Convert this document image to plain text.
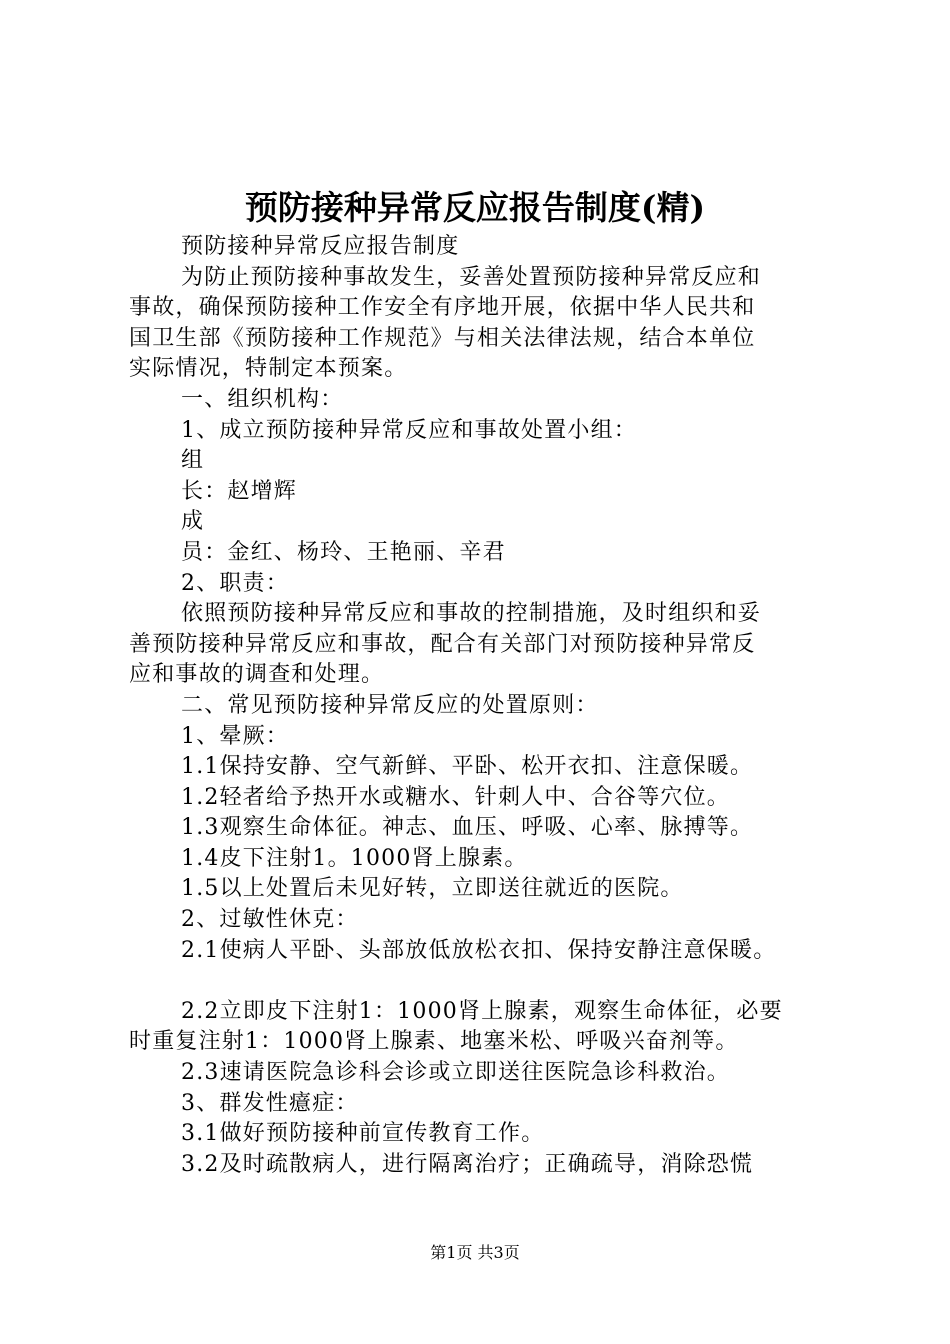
预防接种异常反应报告制度(精)

预防接种异常反应报告制度

为防止预防接种事故发生，妥善处置预防接种异常反应和

事故，确保预防接种工作安全有序地开展，依据中华人民共和

国卫生部《预防接种工作规范》与相关法律法规，结合本单位

实际情况，特制定本预案。

一、组织机构：

1、成立预防接种异常反应和事故处置小组：

组

长：赵增辉

成

员：金红、杨玲、王艳丽、辛君

2、职责：

依照预防接种异常反应和事故的控制措施，及时组织和妥

善预防接种异常反应和事故，配合有关部门对预防接种异常反

应和事故的调查和处理。

二、常见预防接种异常反应的处置原则：

1、晕厥：

1.1保持安静、空气新鲜、平卧、松开衣扣、注意保暖。

1.2轻者给予热开水或糖水、针刺人中、合谷等穴位。

1.3观察生命体征。神志、血压、呼吸、心率、脉搏等。

1.4皮下注射1。1000肾上腺素。

1.5以上处置后未见好转，立即送往就近的医院。

2、过敏性休克：

2.1使病人平卧、头部放低放松衣扣、保持安静注意保暖。

2.2立即皮下注射1：1000肾上腺素，观察生命体征，必要

时重复注射1：1000肾上腺素、地塞米松、呼吸兴奋剂等。

2.3速请医院急诊科会诊或立即送往医院急诊科救治。

3、群发性癔症：

3.1做好预防接种前宣传教育工作。

3.2及时疏散病人，进行隔离治疗；正确疏导，消除恐慌

第1页 共3页
